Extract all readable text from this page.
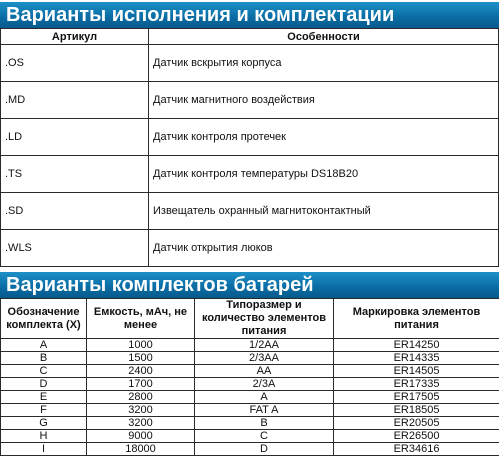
Варианты исполнения и комплектации
Артикул	Особенности
.OS	Датчик вскрытия корпуса
.MD	Датчик магнитного воздействия
.LD	Датчик контроля протечек
.TS	Датчик контроля температуры DS18B20
.SD	Извещатель охранный магнитоконтактный
.WLS	Датчик открытия люков
Варианты комплектов батарей
Обозначение комплекта (X)	Емкость, мАч, не менее	Типоразмер и количество элементов питания	Маркировка элементов питания
A	1000	1/2AA	ER14250
B	1500	2/3AA	ER14335
C	2400	AA	ER14505
D	1700	2/3A	ER17335
E	2800	A	ER17505
F	3200	FAT A	ER18505
G	3200	B	ER20505
H	9000	C	ER26500
I	18000	D	ER34616
